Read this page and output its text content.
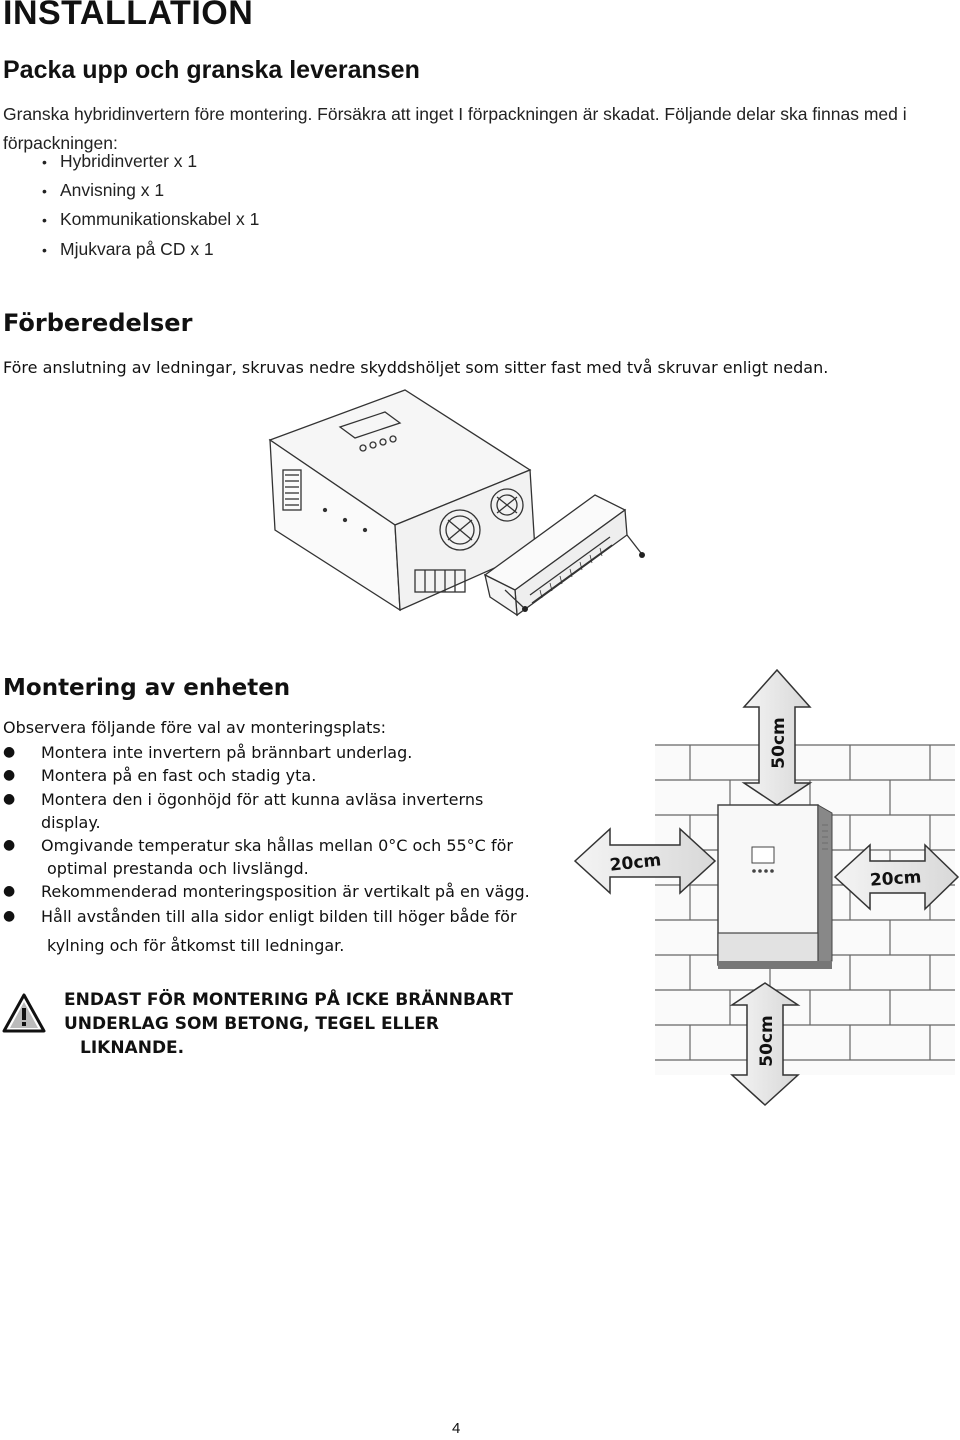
INSTALLATION
Packa upp och granska leveransen
Granska hybridinvertern före montering. Försäkra att inget I förpackningen är skadat. Följande delar ska finnas med i förpackningen:
• Hybridinverter x 1
• Anvisning x 1
• Kommunikationskabel x 1
• Mjukvara på CD x 1
Förberedelser
Före anslutning av ledningar, skruvas nedre skyddshöljet som sitter fast med två skruvar enligt nedan.
Montering av enheten
Observera följande före val av monteringsplats:
● Montera inte invertern på brännbart underlag.
● Montera på en fast och stadig yta.
● Montera den i ögonhöjd för att kunna avläsa inverterns
display.
● Omgivande temperatur ska hållas mellan 0°C och 55°C för
optimal prestanda och livslängd.
● Rekommenderad monteringsposition är vertikalt på en vägg.
● Håll avstånden till alla sidor enligt bilden till höger både för
kylning och för åtkomst till ledningar.
ENDAST FÖR MONTERING PÅ ICKE BRÄNNBART
UNDERLAG SOM BETONG, TEGEL ELLER
LIKNANDE.
50cm
50cm
20cm
20cm
4
